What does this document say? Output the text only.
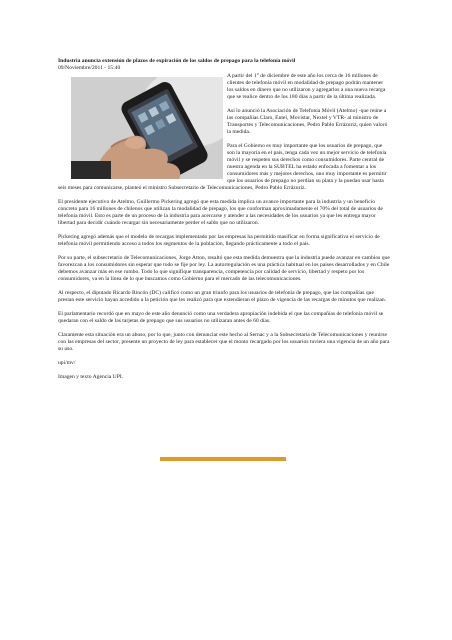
Industria anuncia extensión de plazos de expiración de los saldos de prepago para la telefonía móvil
09/Noviembre/2011 - 15:40

A partir del 1° de diciembre de este año los cerca de 16 millones de clientes de telefonía móvil en modalidad de prepago podrán mantener los saldos en dinero que no utilizaron y agregarlos a una nueva recarga que se realice dentro de los 180 días a partir de la última realizada.

Así lo anunció la Asociación de Telefonía Móvil (Atelmo) -que reúne a las compañías Claro, Entel, Movistar, Nextel y VTR- al ministro de Transportes y Telecomunicaciones, Pedro Pablo Errázuriz, quien valoró la medida.

Para el Gobierno es muy importante que los usuarios de prepago, que son la mayoría en el país, tenga cada vez un mejor servicio de telefonía móvil y se respeten sus derechos como consumidores. Parte central de nuestra agenda en la SUBTEL ha estado enfocada a fomentar a los consumidores más y mejores derechos, uno muy importante es permitir que los usuarios de prepago no perdían su plata y la puedan usar hasta seis meses para comunicarse, planteó el ministro Subsecretario de Telecomunicaciones, Pedro Pablo Errázuriz.

El presidente ejecutivo de Atelmo, Guillermo Pickering agregó que esta medida implica un avance importante para la industria y un beneficio concreto para 16 millones de chilenos que utilizan la modalidad de prepago, los que conforman aproximadamente el 70% del total de usuarios de telefonía móvil. Esto es parte de un proceso de la industria para acercarse y atender a las necesidades de los usuarios ya que les entrega mayor libertad para decidir cuándo recargar sin necesariamente perder el saldo que no utilizaron.

Pickering agregó además que el modelo de recargas implementado por las empresas ha permitido masificar en forma significativa el servicio de telefonía móvil permitiendo acceso a todos los segmentos de la población, llegando prácticamente a todo el país.

Por su parte, el subsecretario de Telecomunicaciones, Jorge Atton, resaltó que esta medida demuestra que la industria puede avanzar en cambios que favorezcan a los consumidores sin esperar que todo se fije por ley. La autorregulación es una práctica habitual en los países desarrollados y en Chile debemos avanzar más en ese rumbo. Todo lo que signifique transparencia, competencia por calidad de servicio, libertad y respeto por los consumidores, va en la línea de lo que buscamos como Gobierno para el mercado de las telecomunicaciones.

Al respecto, el diputado Ricardo Rincón (DC) calificó como un gran triunfo para los usuarios de telefonía de prepago, que las compañías que prestan este servicio hayan accedido a la petición que les realizó para que extendieran el plazo de vigencia de las recargas de minutos que realizan.

El parlamentario recordó que en mayo de este año denunció como una verdadera apropiación indebida el que las compañías de telefonía móvil se quedaran con el saldo de las tarjetas de prepago que sus usuarios no utilizaran antes de 60 días.

Claramente esta situación era un abuso, por lo que, junto con denunciar este hecho al Sernac y a la Subsecretaría de Telecomunicaciones y reunirse con las empresas del sector, presente un proyecto de ley para establecer que el monto recargado por los usuarios tuviera una vigencia de un año para su uso.

upi/mv/

Imagen y texto Agencia UPI.
